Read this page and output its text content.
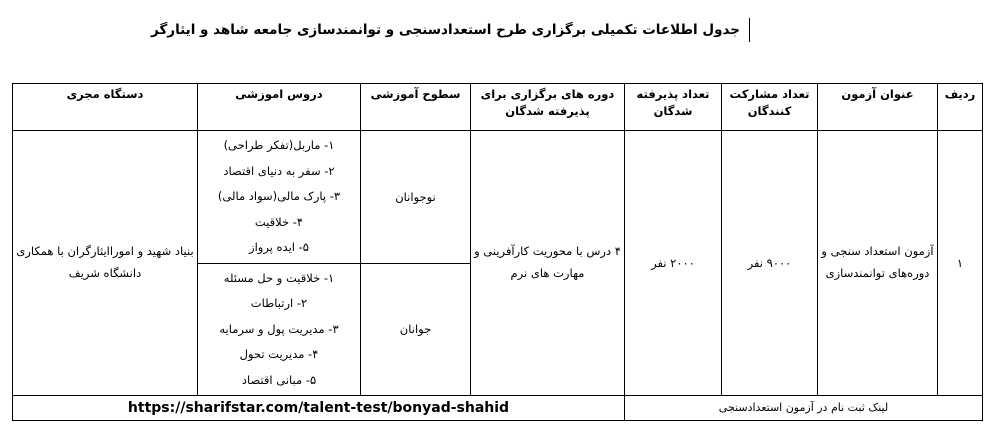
جدول اطلاعات تکمیلی برگزاری طرح استعدادسنجی و توانمندسازی جامعه شاهد و ایثارگر
ردیف	عنوان آزمون	تعداد مشارکت کنندگان	تعداد پذیرفته شدگان	دوره های برگزاری برای پذیرفته شدگان	سطوح آموزشی	دروس اموزشی	دستگاه مجری
۱	آزمون استعداد سنجی و دوره‌های توانمندسازی	۹۰۰۰ نفر	۲۰۰۰ نفر	۴ درس با محوریت کارآفرینی و مهارت های نرم	نوجوانان	۱- ماربل(تفکر طراحی)
۲- سفر به دنیای اقتصاد
۳- پارک مالی(سواد مالی)
۴- خلاقیت
۵- ایده پرواز	بنیاد شهید و اموراایثارگران با همکاری دانشگاه شریف
					جوانان	۱- خلاقیت و حل مسئله
۲- ارتباطات
۳- مدیریت پول و سرمایه
۴- مدیریت تحول
۵- مبانی اقتصاد	

لینک ثبت نام در آزمون استعدادسنجی				https://sharifstar.com/talent-test/bonyad-shahid			
